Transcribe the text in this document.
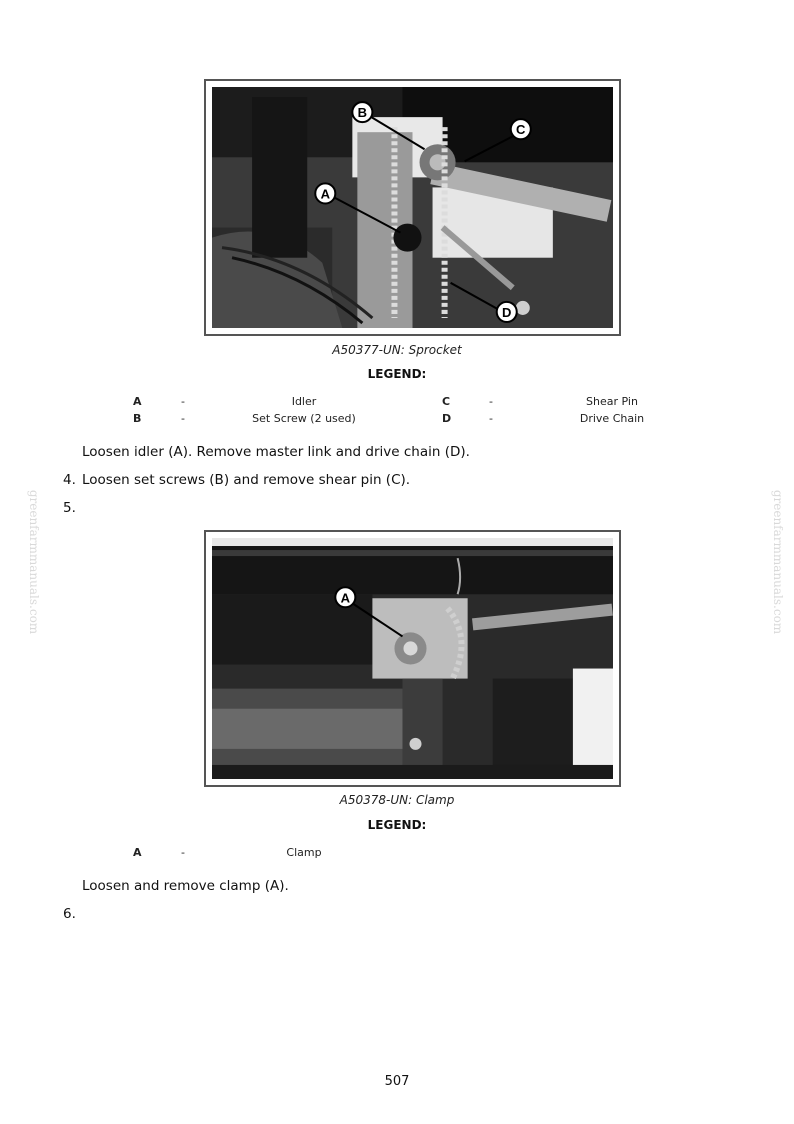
greenfarmmanuals.com	greenfarmmanuals.com
B
C
A
D
A50377-UN: Sprocket
LEGEND:
A	-	Idler	C	-	Shear Pin
B	-	Set Screw (2 used)	D	-	Drive Chain
Loosen idler (A). Remove master link and drive chain (D).
4. Loosen set screws (B) and remove shear pin (C).
5.
A
A50378-UN: Clamp
LEGEND:
A	-	Clamp
Loosen and remove clamp (A).
6.
507
